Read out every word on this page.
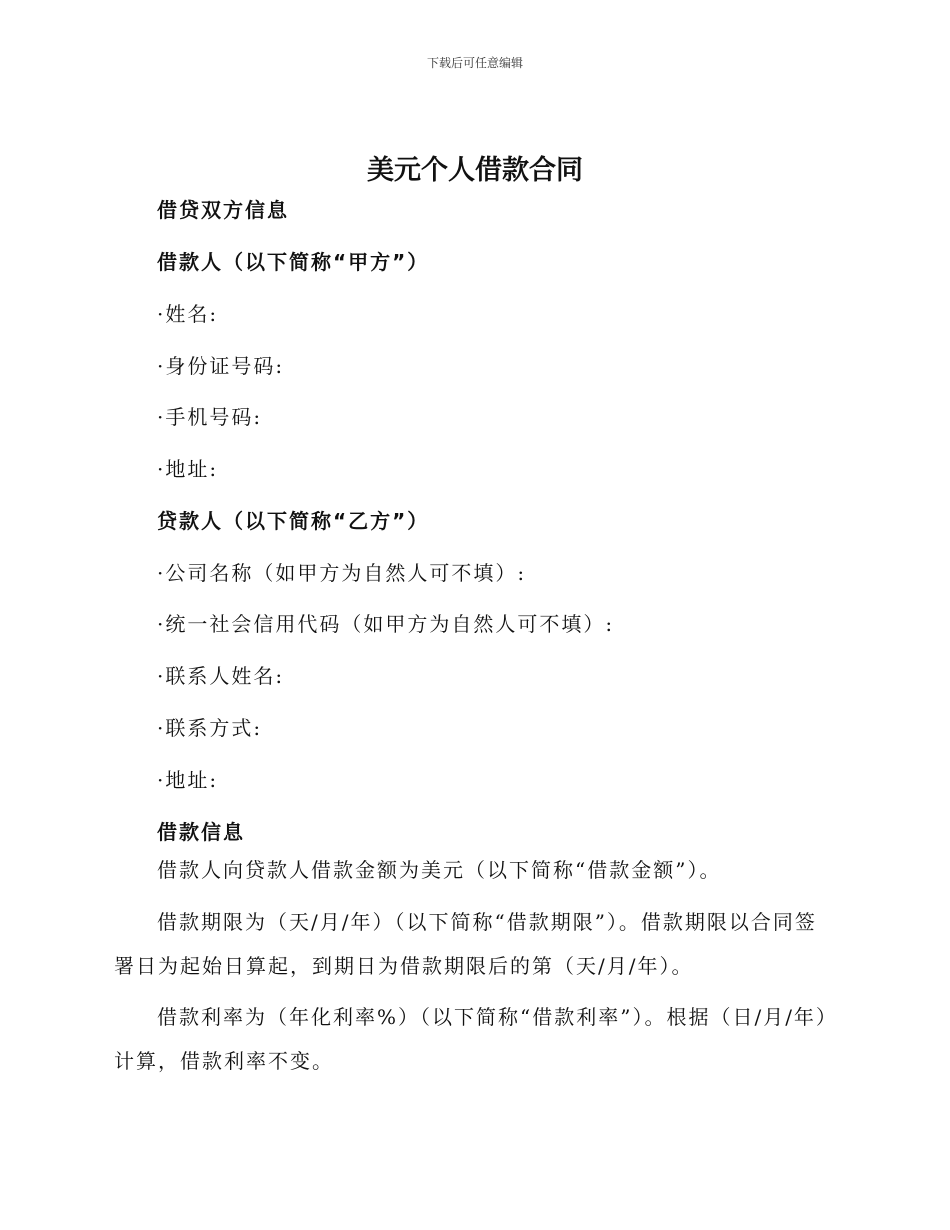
下载后可任意编辑
美元个人借款合同
借贷双方信息
借款人（以下简称“甲方”）
·姓名:
·身份证号码:
·手机号码:
·地址:
贷款人（以下简称“乙方”）
·公司名称（如甲方为自然人可不填）:
·统一社会信用代码（如甲方为自然人可不填）:
·联系人姓名:
·联系方式:
·地址:
借款信息

借款人向贷款人借款金额为美元（以下简称“借款金额”）。

借款期限为（天/月/年）（以下简称“借款期限”）。借款期限以合同签署日为起始日算起，到期日为借款期限后的第（天/月/年）。

借款利率为（年化利率%）（以下简称“借款利率”）。根据（日/月/年）计算，借款利率不变。
